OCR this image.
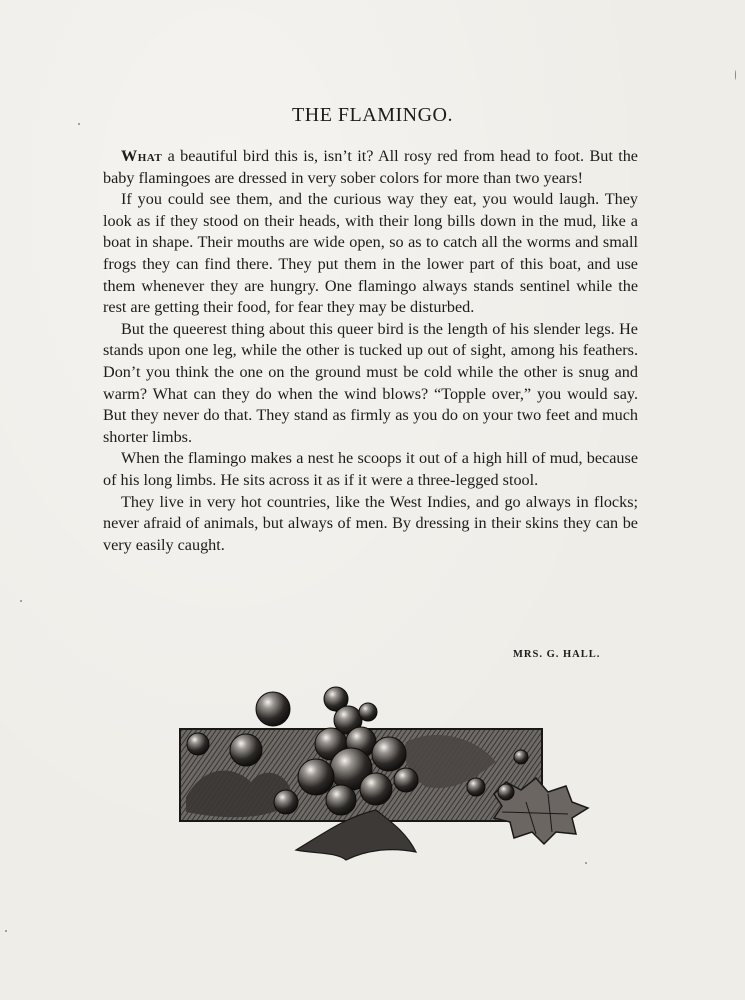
THE FLAMINGO.

What a beautiful bird this is, isn’t it? All rosy red from head to foot. But the baby flamingoes are dressed in very sober colors for more than two years!

If you could see them, and the curious way they eat, you would laugh. They look as if they stood on their heads, with their long bills down in the mud, like a boat in shape. Their mouths are wide open, so as to catch all the worms and small frogs they can find there. They put them in the lower part of this boat, and use them whenever they are hungry. One flamingo always stands sentinel while the rest are getting their food, for fear they may be disturbed.

But the queerest thing about this queer bird is the length of his slender legs. He stands upon one leg, while the other is tucked up out of sight, among his feathers. Don’t you think the one on the ground must be cold while the other is snug and warm? What can they do when the wind blows? “Topple over,” you would say. But they never do that. They stand as firmly as you do on your two feet and much shorter limbs.

When the flamingo makes a nest he scoops it out of a high hill of mud, because of his long limbs. He sits across it as if it were a three-legged stool.

They live in very hot countries, like the West Indies, and go always in flocks; never afraid of animals, but always of men. By dressing in their skins they can be very easily caught.

MRS. G. HALL.
